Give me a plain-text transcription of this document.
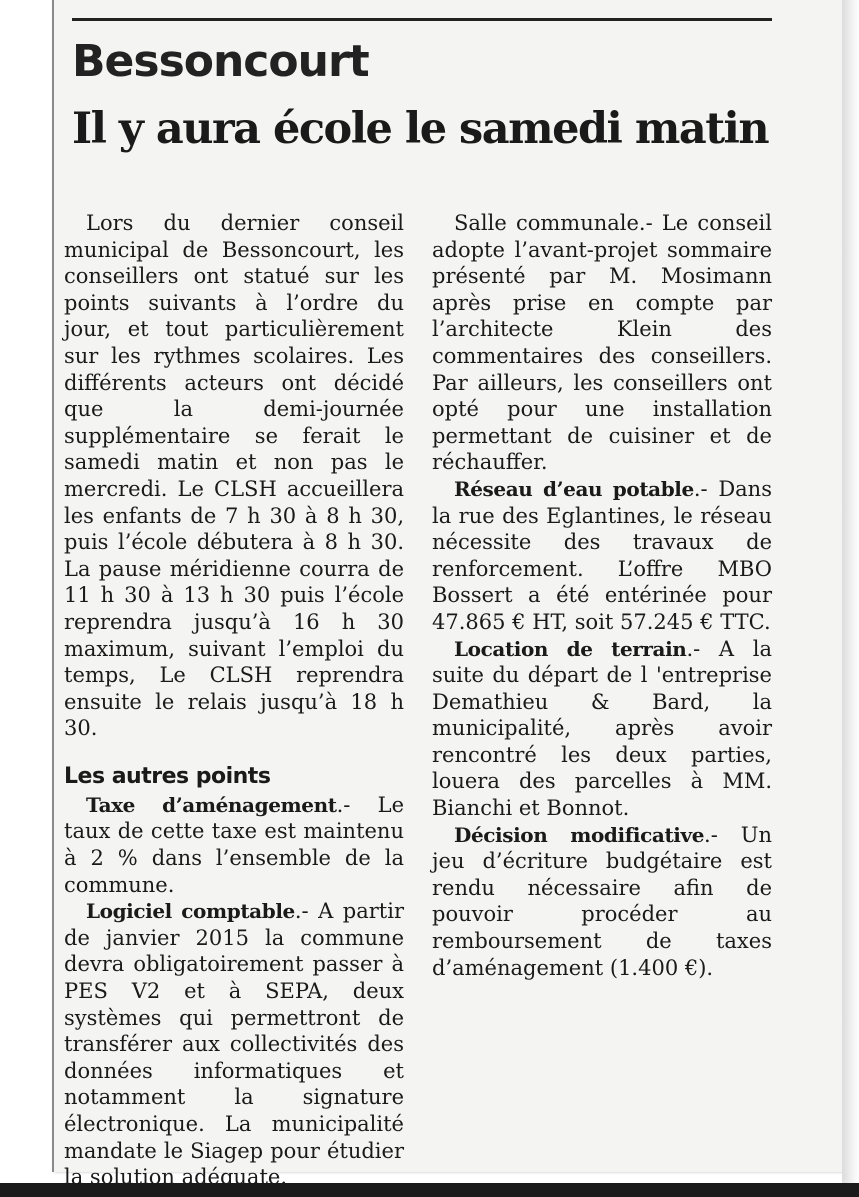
Bessoncourt
Il y aura école le samedi matin

Lors du dernier conseil municipal de Bessoncourt, les conseillers ont statué sur les points suivants à l’ordre du jour, et tout particulièrement sur les rythmes scolaires. Les différents acteurs ont décidé que la demi-journée supplémentaire se ferait le samedi matin et non pas le mercredi. Le CLSH accueillera les enfants de 7 h 30 à 8 h 30, puis l’école débutera à 8 h 30. La pause méridienne courra de 11 h 30 à 13 h 30 puis l’école reprendra jusqu’à 16 h 30 maximum, suivant l’emploi du temps, Le CLSH reprendra ensuite le relais jusqu’à 18 h 30.

Les autres points

Taxe d’aménagement.- Le taux de cette taxe est maintenu à 2 % dans l’ensemble de la commune.

Logiciel comptable.- A partir de janvier 2015 la commune devra obligatoirement passer à PES V2 et à SEPA, deux systèmes qui permettront de transférer aux collectivités des données informatiques et notamment la signature électronique. La municipalité mandate le Siagep pour étudier la solution adéquate.

Salle communale.- Le conseil adopte l’avant-projet sommaire présenté par M. Mosimann après prise en compte par l’architecte Klein des commentaires des conseillers. Par ailleurs, les conseillers ont opté pour une installation permettant de cuisiner et de réchauffer.

Réseau d’eau potable.- Dans la rue des Eglantines, le réseau nécessite des travaux de renforcement. L’offre MBO Bossert a été entérinée pour 47.865 € HT, soit 57.245 € TTC.

Location de terrain.- A la suite du départ de l 'entreprise Demathieu & Bard, la municipalité, après avoir rencontré les deux parties, louera des parcelles à MM. Bianchi et Bonnot.

Décision modificative.- Un jeu d’écriture budgétaire est rendu nécessaire afin de pouvoir procéder au remboursement de taxes d’aménagement (1.400 €).
